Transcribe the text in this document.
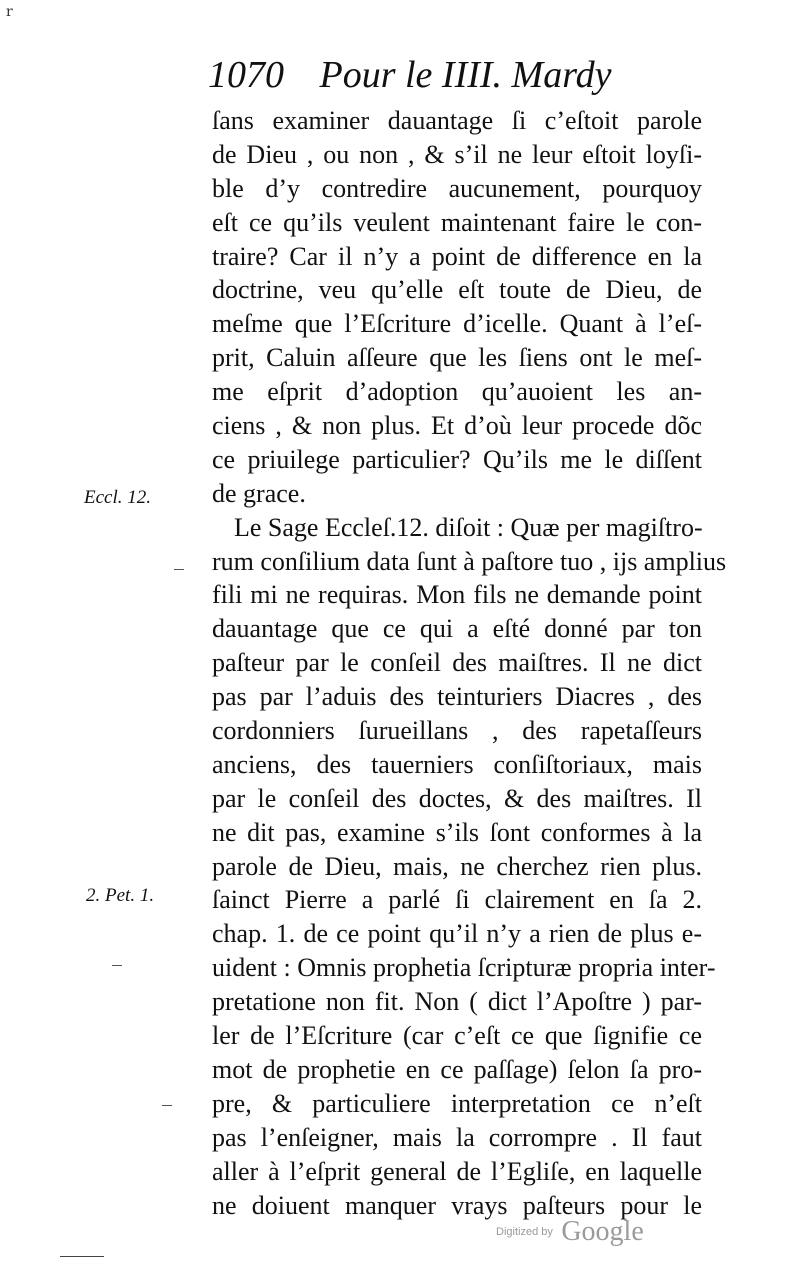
r
1070 Pour le IIII. Mardy
ſans examiner dauantage ſi c’eſtoit parole
de Dieu , ou non , & s’il ne leur eſtoit loyſi-
ble d’y contredire aucunement, pourquoy
eſt ce qu’ils veulent maintenant faire le con-
traire? Car il n’y a point de difference en la
doctrine, veu qu’elle eſt toute de Dieu, de
meſme que l’Eſcriture d’icelle. Quant à l’eſ-
prit, Caluin aſſeure que les ſiens ont le meſ-
me eſprit d’adoption qu’auoient les an-
ciens , & non plus. Et d’où leur procede dõc
ce priuilege particulier? Qu’ils me le diſſent
de grace.
Le Sage Eccleſ.12. diſoit : Quæ per magiſtro-
rum conſilium data ſunt à paſtore tuo , ijs amplius
fili mi ne requiras. Mon fils ne demande point
dauantage que ce qui a eſté donné par ton
paſteur par le conſeil des maiſtres. Il ne dict
pas par l’aduis des teinturiers Diacres , des
cordonniers ſurueillans , des rapetaſſeurs
anciens, des tauerniers conſiſtoriaux, mais
par le conſeil des doctes, & des maiſtres. Il
ne dit pas, examine s’ils ſont conformes à la
parole de Dieu, mais, ne cherchez rien plus.
ſainct Pierre a parlé ſi clairement en ſa 2.
chap. 1. de ce point qu’il n’y a rien de plus e-
uident : Omnis prophetia ſcripturæ propria inter-
pretatione non fit. Non ( dict l’Apoſtre ) par-
ler de l’Eſcriture (car c’eſt ce que ſignifie ce
mot de prophetie en ce paſſage) ſelon ſa pro-
pre, & particuliere interpretation ce n’eſt
pas l’enſeigner, mais la corrompre . Il faut
aller à l’eſprit general de l’Egliſe, en laquelle
ne doiuent manquer vrays paſteurs pour le
Eccl. 12.
2. Pet. 1.
Digitized by Google
